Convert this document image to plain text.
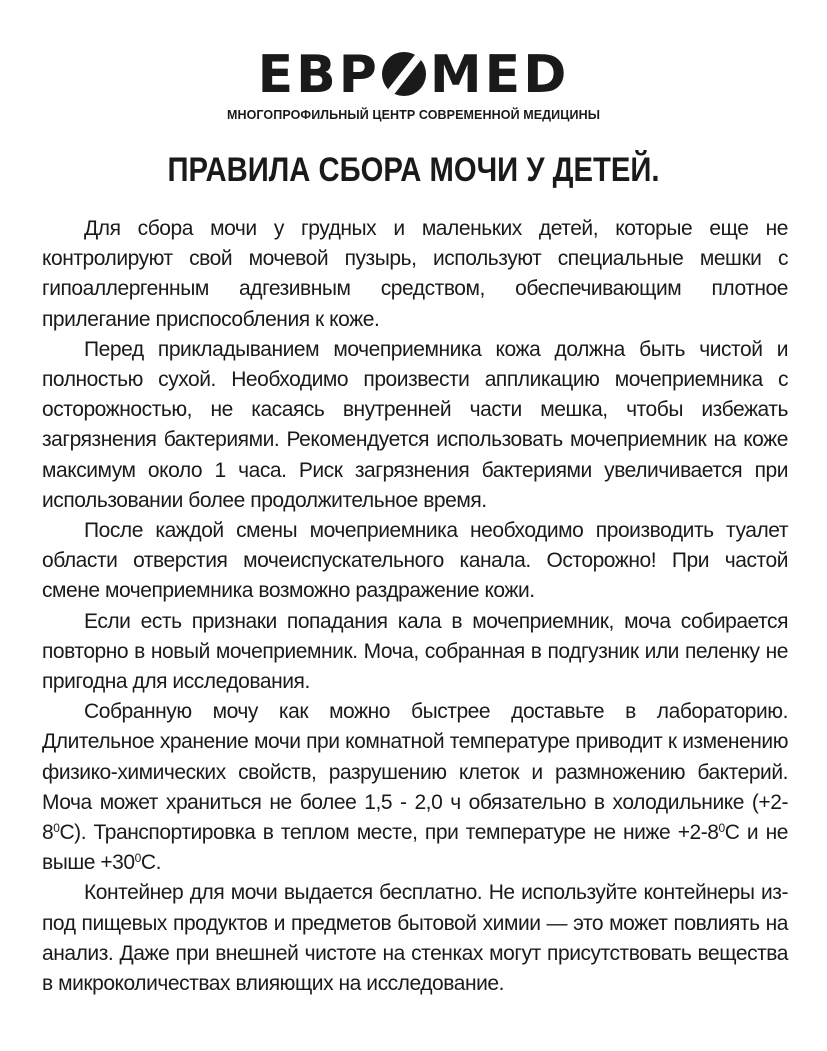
ЕВР MED
МНОГОПРОФИЛЬНЫЙ ЦЕНТР СОВРЕМЕННОЙ МЕДИЦИНЫ
ПРАВИЛА СБОРА МОЧИ У ДЕТЕЙ.

Для сбора мочи у грудных и маленьких детей, которые еще не контролируют свой мочевой пузырь, используют специальные мешки с гипоаллергенным адгезивным средством, обеспечивающим плотное прилегание приспособления к коже.

Перед прикладыванием мочеприемника кожа должна быть чистой и полностью сухой. Необходимо произвести аппликацию мочеприемника с осторожностью, не касаясь внутренней части мешка, чтобы избежать загрязнения бактериями. Рекомендуется использовать мочеприемник на коже максимум около 1 часа. Риск загрязнения бактериями увеличивается при использовании более продолжительное время.

После каждой смены мочеприемника необходимо производить туалет области отверстия мочеиспускательного канала. Осторожно! При частой смене мочеприемника возможно раздражение кожи.

Если есть признаки попадания кала в мочеприемник, моча собирается повторно в новый мочеприемник. Моча, собранная в подгузник или пеленку не пригодна для исследования.

Собранную мочу как можно быстрее доставьте в лабораторию. Длительное хранение мочи при комнатной температуре приводит к изменению физико-химических свойств, разрушению клеток и размножению бактерий. Моча может храниться не более 1,5 - 2,0 ч обязательно в холодильнике $(+2-8^0С)$. Транспортировка в теплом месте, при температуре не ниже $+2-8^0С$ и не выше $+30^0С$.

Контейнер для мочи выдается бесплатно. Не используйте контейнеры из-под пищевых продуктов и предметов бытовой химии — это может повлиять на анализ. Даже при внешней чистоте на стенках могут присутствовать вещества в микроколичествах влияющих на исследование.
